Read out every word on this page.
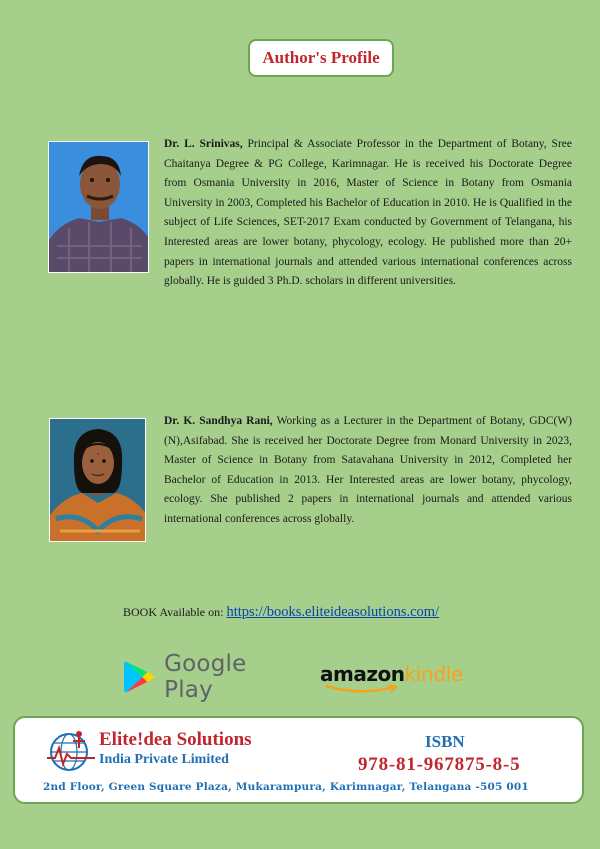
Author's Profile

Dr. L. Srinivas, Principal & Associate Professor in the Department of Botany, Sree Chaitanya Degree & PG College, Karimnagar. He is received his Doctorate Degree from Osmania University in 2016, Master of Science in Botany from Osmania University in 2003, Completed his Bachelor of Education in 2010. He is Qualified in the subject of Life Sciences, SET-2017 Exam conducted by Government of Telangana, his Interested areas are lower botany, phycology, ecology. He published more than 20+ papers in international journals and attended various international conferences across globally. He is guided 3 Ph.D. scholars in different universities.

Dr. K. Sandhya Rani, Working as a Lecturer in the Department of Botany, GDC(W)(N),Asifabad. She is received her Doctorate Degree from Monard University in 2023, Master of Science in Botany from Satavahana University in 2012, Completed her Bachelor of Education in 2013. Her Interested areas are lower botany, phycology, ecology. She published 2 papers in international journals and attended various international conferences across globally.

BOOK Available on: https://books.eliteideasolutions.com/
Google Play
amazonkindle
Elite!dea Solutions
India Private Limited
ISBN
978-81-967875-8-5
2nd Floor, Green Square Plaza, Mukarampura, Karimnagar, Telangana -505 001
